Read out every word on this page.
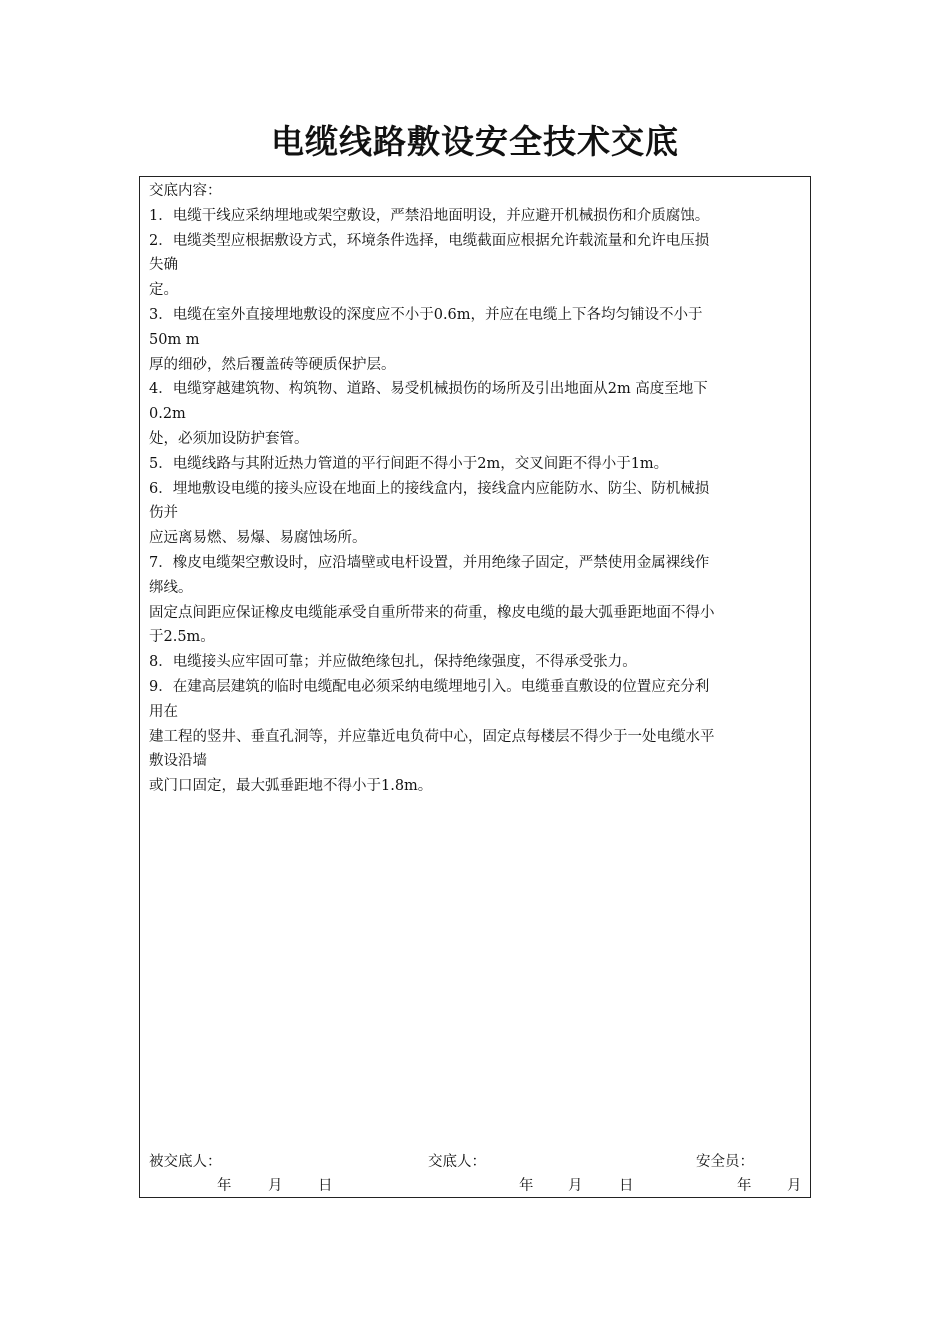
电缆线路敷设安全技术交底
交底内容：
1．电缆干线应采纳埋地或架空敷设，严禁沿地面明设，并应避开机械损伤和介质腐蚀。
2．电缆类型应根据敷设方式，环境条件选择，电缆截面应根据允许载流量和允许电压损
失确
定。
3．电缆在室外直接埋地敷设的深度应不小于0.6m，并应在电缆上下各均匀铺设不小于
50m m
厚的细砂，然后覆盖砖等硬质保护层。
4．电缆穿越建筑物、构筑物、道路、易受机械损伤的场所及引出地面从2m 高度至地下
0.2m
处，必须加设防护套管。
5．电缆线路与其附近热力管道的平行间距不得小于2m，交叉间距不得小于1m。
6．埋地敷设电缆的接头应设在地面上的接线盒内，接线盒内应能防水、防尘、防机械损
伤并
应远离易燃、易爆、易腐蚀场所。
7．橡皮电缆架空敷设时，应沿墙壁或电杆设置，并用绝缘子固定，严禁使用金属裸线作
绑线。
固定点间距应保证橡皮电缆能承受自重所带来的荷重，橡皮电缆的最大弧垂距地面不得小
于2.5m。
8．电缆接头应牢固可靠；并应做绝缘包扎，保持绝缘强度，不得承受张力。
9．在建高层建筑的临时电缆配电必须采纳电缆埋地引入。电缆垂直敷设的位置应充分利
用在
建工程的竖井、垂直孔洞等，并应靠近电负荷中心，固定点每楼层不得少于一处电缆水平
敷设沿墙
或门口固定，最大弧垂距地不得小于1.8m。
被交底人：	交底人：	安全员：
年	月 日	年 月	日	年 月
